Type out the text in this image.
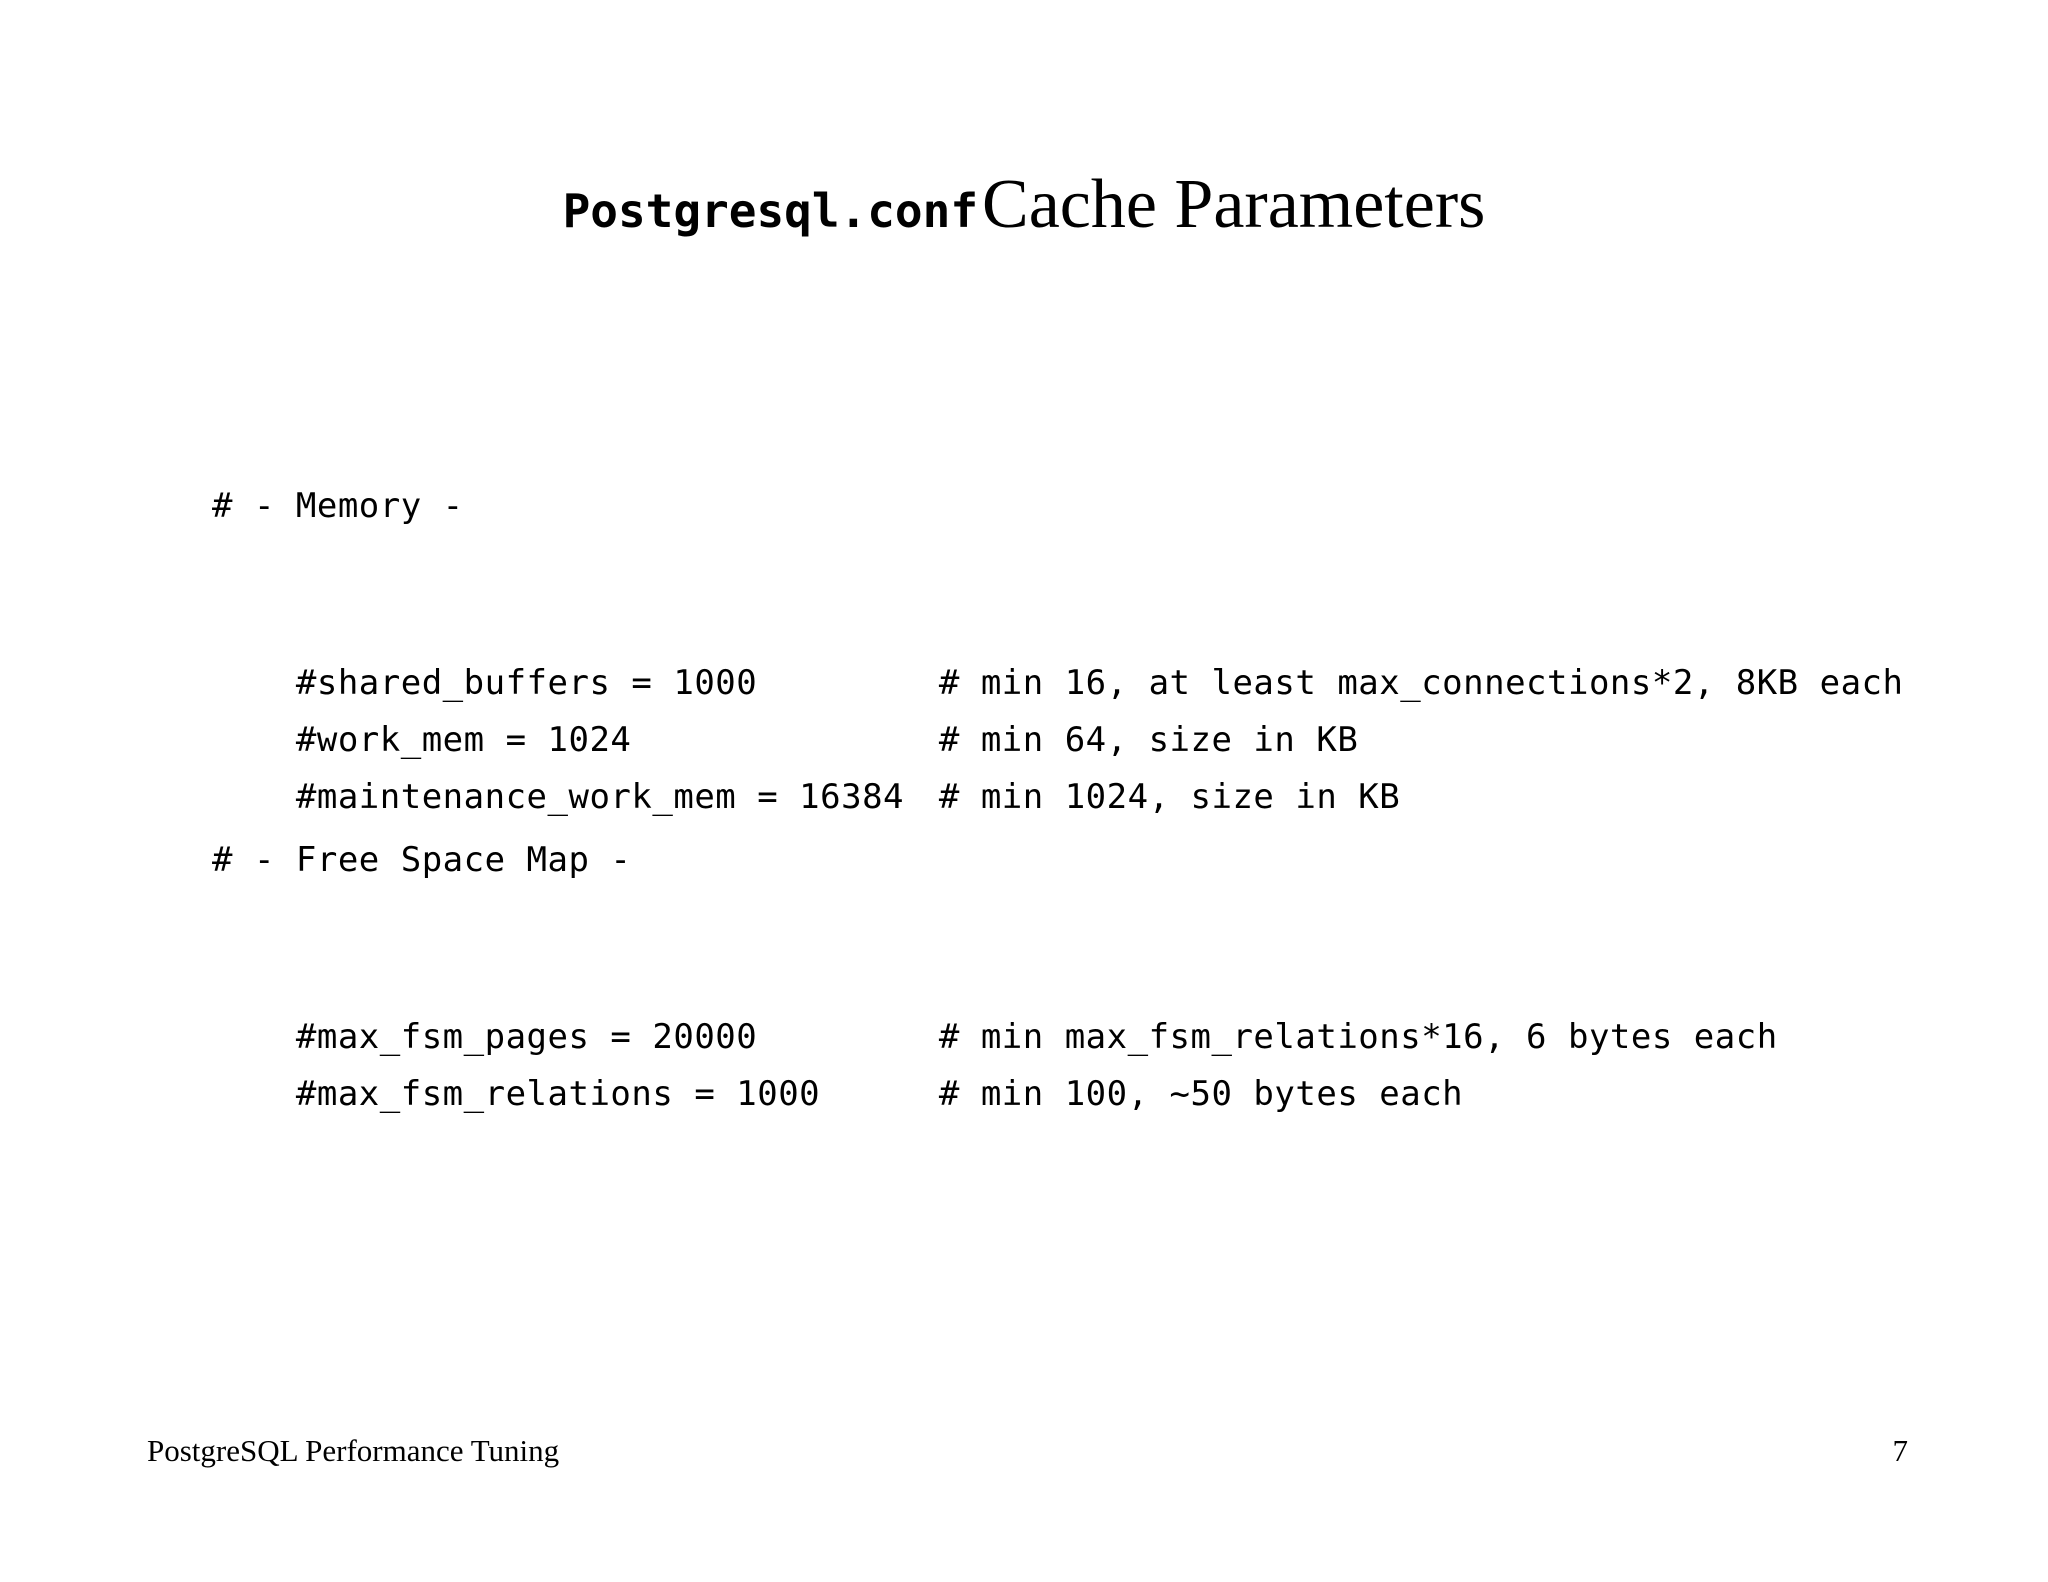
Postgresql.conf Cache Parameters
# - Memory -

#shared_buffers = 1000	# min 16, at least max_connections*2, 8KB each

#work_mem = 1024	# min 64, size in KB

#maintenance_work_mem = 16384 # min 1024, size in KB

# - Free Space Map -

#max_fsm_pages = 20000	# min max_fsm_relations*16, 6 bytes each

#max_fsm_relations = 1000	# min 100, ~50 bytes each

PostgreSQL Performance Tuning	7
